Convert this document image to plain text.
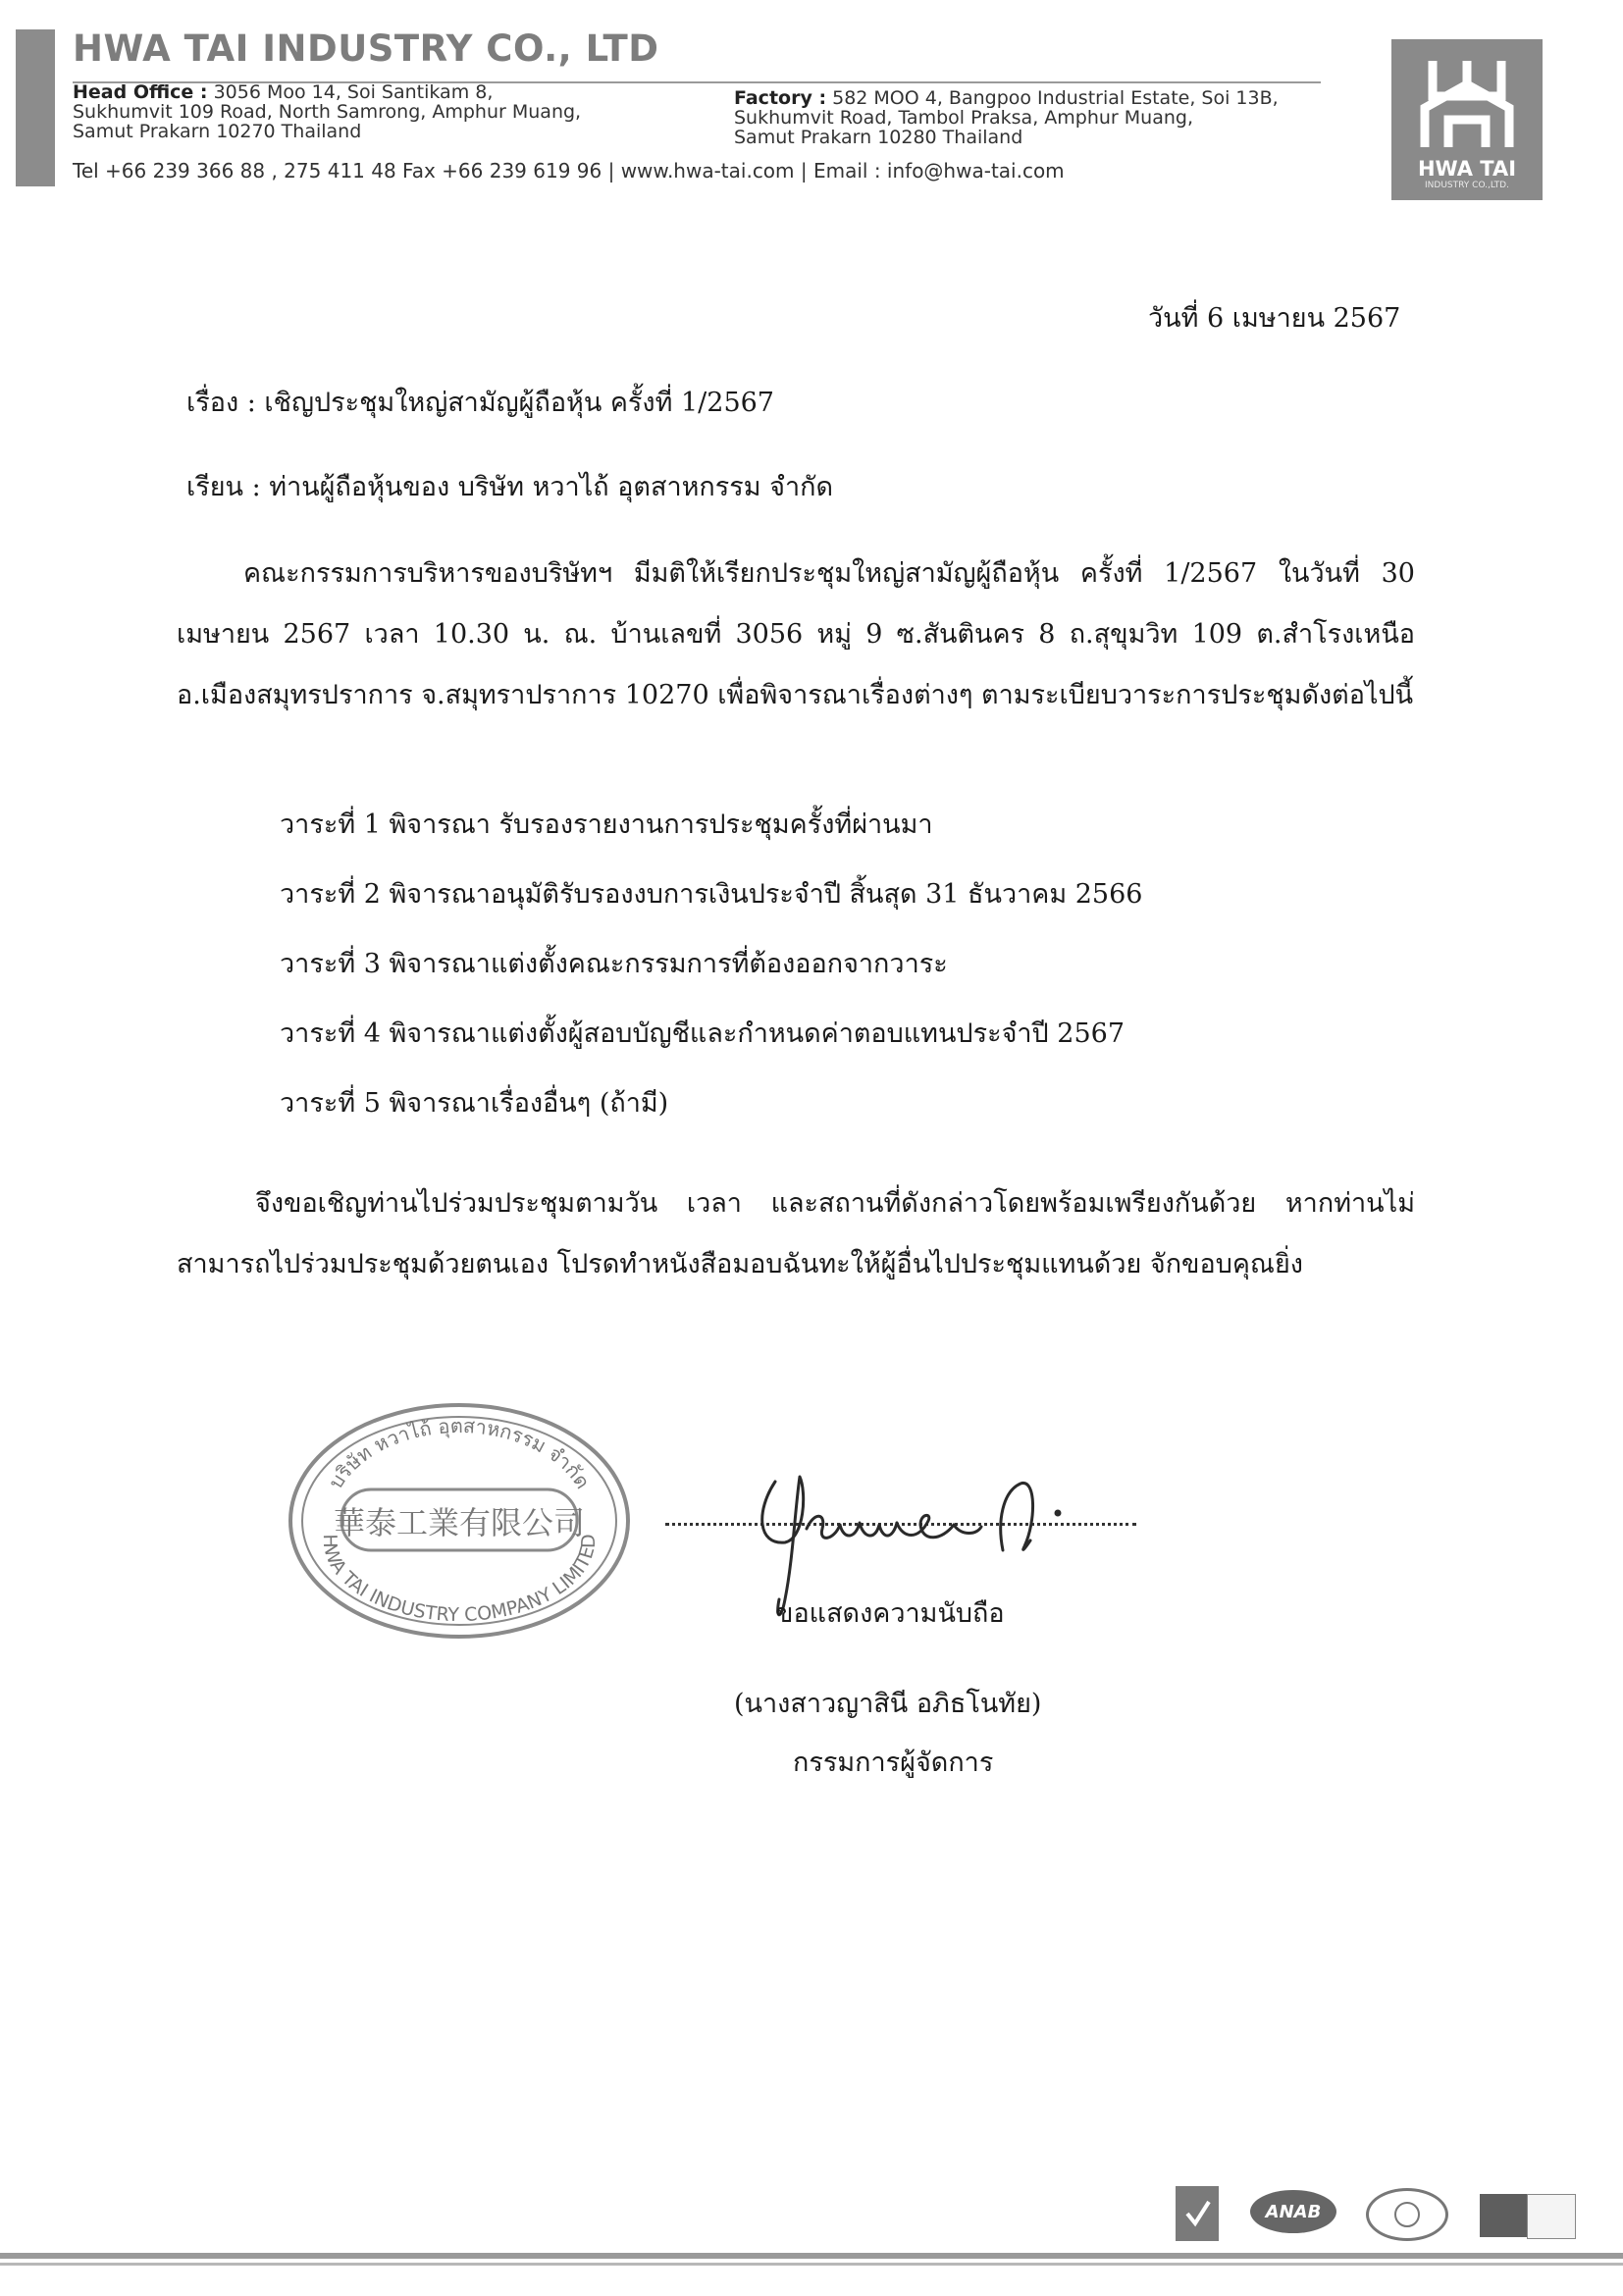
HWA TAI INDUSTRY CO., LTD
Head Office : 3056 Moo 14, Soi Santikam 8,
Sukhumvit 109 Road, North Samrong, Amphur Muang,
Samut Prakarn 10270 Thailand
Factory : 582 MOO 4, Bangpoo Industrial Estate, Soi 13B,
Sukhumvit Road, Tambol Praksa, Amphur Muang,
Samut Prakarn 10280 Thailand
Tel +66 239 366 88 , 275 411 48 Fax +66 239 619 96 | www.hwa-tai.com | Email : info@hwa-tai.com	HWA TAI
INDUSTRY CO.,LTD.
วันที่ 6 เมษายน 2567
เรื่อง : เชิญประชุมใหญ่สามัญผู้ถือหุ้น ครั้งที่ 1/2567
เรียน : ท่านผู้ถือหุ้นของ บริษัท หวาไถ้ อุตสาหกรรม จำกัด
คณะกรรมการบริหารของบริษัทฯ มีมติให้เรียกประชุมใหญ่สามัญผู้ถือหุ้น ครั้งที่ 1/2567 ในวันที่ 30 เมษายน 2567 เวลา 10.30 น. ณ. บ้านเลขที่ 3056 หมู่ 9 ซ.สันตินคร 8 ถ.สุขุมวิท 109 ต.สำโรงเหนือ อ.เมืองสมุทรปราการ จ.สมุทราปราการ 10270 เพื่อพิจารณาเรื่องต่างๆ ตามระเบียบวาระการประชุมดังต่อไปนี้
วาระที่ 1 พิจารณา รับรองรายงานการประชุมครั้งที่ผ่านมา
วาระที่ 2 พิจารณาอนุมัติรับรองงบการเงินประจำปี สิ้นสุด 31 ธันวาคม 2566
วาระที่ 3 พิจารณาแต่งตั้งคณะกรรมการที่ต้องออกจากวาระ
วาระที่ 4 พิจารณาแต่งตั้งผู้สอบบัญชีและกำหนดค่าตอบแทนประจำปี 2567
วาระที่ 5 พิจารณาเรื่องอื่นๆ (ถ้ามี)
จึงขอเชิญท่านไปร่วมประชุมตามวัน เวลา และสถานที่ดังกล่าวโดยพร้อมเพรียงกันด้วย หากท่านไม่สามารถไปร่วมประชุมด้วยตนเอง โปรดทำหนังสือมอบฉันทะให้ผู้อื่นไปประชุมแทนด้วย จักขอบคุณยิ่ง
บริษัท หวาไถ้ อุตสาหกรรม จำกัด
華泰工業有限公司
HWA TAI INDUSTRY COMPANY LIMITED
ขอแสดงความนับถือ
(นางสาวญาสินี อภิธโนทัย)
กรรมการผู้จัดการ
ANAB
